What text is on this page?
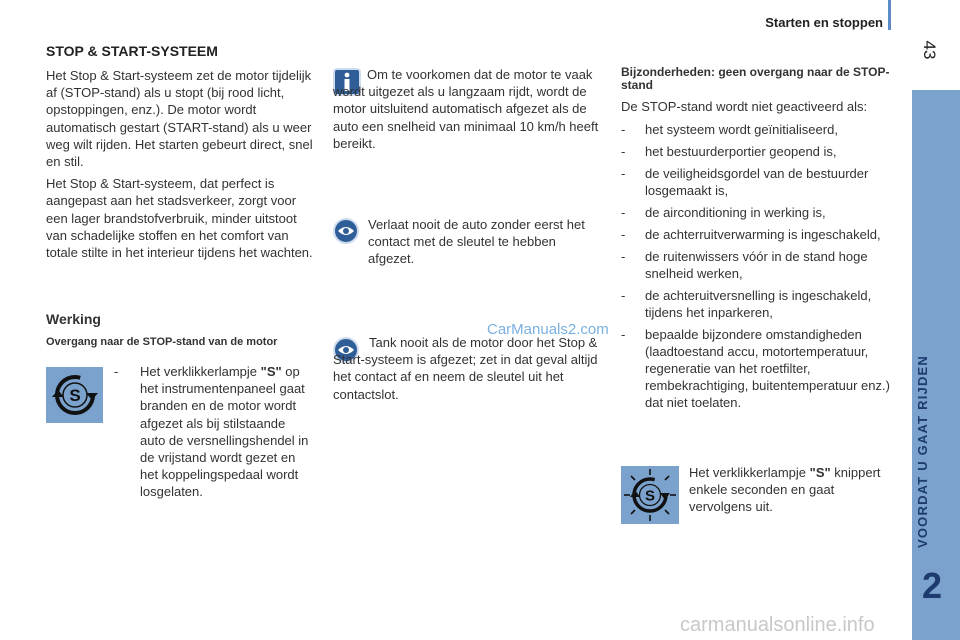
Starten en stoppen
43
VOORDAT U GAAT RIJDEN
2

STOP & START-SYSTEEM

Het Stop & Start-systeem zet de motor tijdelijk af (STOP-stand) als u stopt (bij rood licht, opstoppingen, enz.). De motor wordt automatisch gestart (START-stand) als u weer weg wilt rijden. Het starten gebeurt direct, snel en stil.

Het Stop & Start-systeem, dat perfect is aangepast aan het stadsverkeer, zorgt voor een lager brandstofverbruik, minder uitstoot van schadelijke stoffen en het comfort van totale stilte in het interieur tijdens het wachten.

Werking
Overgang naar de STOP-stand van de motor
S
-	Het verklikkerlampje "S" op het instrumentenpaneel gaat branden en de motor wordt afgezet als bij stilstaande auto de versnellingshendel in de vrijstand wordt gezet en het koppelingspedaal wordt losgelaten.
Om te voorkomen dat de motor te vaak wordt uitgezet als u langzaam rijdt, wordt de motor uitsluitend automatisch afgezet als de auto een snelheid van minimaal 10 km/h heeft bereikt.
Verlaat nooit de auto zonder eerst het contact met de sleutel te hebben afgezet.
Tank nooit als de motor door het Stop & Start-systeem is afgezet; zet in dat geval altijd het contact af en neem de sleutel uit het contactslot.
CarManuals2.com

Bijzonderheden: geen overgang naar de STOP-stand

De STOP-stand wordt niet geactiveerd als:

-	het systeem wordt geïnitialiseerd,
-	het bestuurderportier geopend is,
-	de veiligheidsgordel van de bestuurder losgemaakt is,
-	de airconditioning in werking is,
-	de achterruitverwarming is ingeschakeld,
-	de ruitenwissers vóór in de stand hoge snelheid werken,
-	de achteruitversnelling is ingeschakeld, tijdens het inparkeren,
-	bepaalde bijzondere omstandigheden (laadtoestand accu, motortemperatuur, regeneratie van het roetfilter, rembekrachtiging, buitentemperatuur enz.) dat niet toelaten.
S
Het verklikkerlampje "S" knippert enkele seconden en gaat vervolgens uit.
carmanualsonline.info
